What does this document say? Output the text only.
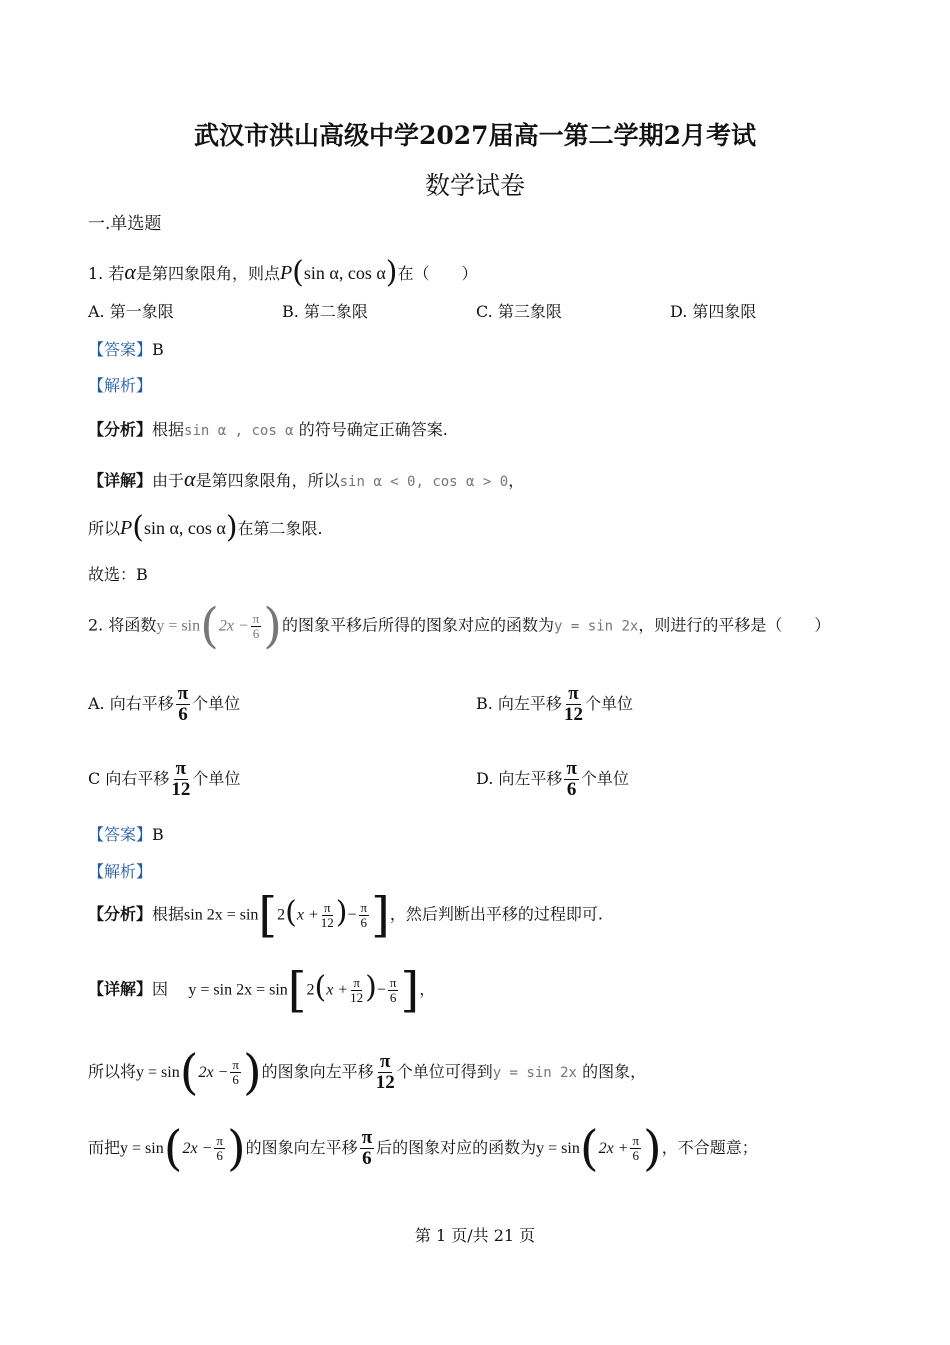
武汉市洪山高级中学2027届高一第二学期2月考试
数学试卷
一.单选题
1. 若α是第四象限角，则点P(sin α, cos α)在（　　）
A. 第一象限	B. 第二象限	C. 第三象限	D. 第四象限
【答案】B
【解析】
【分析】根据sin α , cos α 的符号确定正确答案.
【详解】由于α是第四象限角，所以sin α < 0, cos α > 0，
所以P(sin α, cos α)在第二象限.
故选：B
2. 将函数$y = \sin(2x - \frac{\pi}{6}$ )的图象平移后所得的图象对应的函数为y = sin 2x，则进行的平移是（　　）
A. 向右平移 $\frac{\pi}{6}$ 个单位	B. 向左平移 $\frac{\pi}{12}$ 个单位
C 向右平移 $\frac{\pi}{12}$ 个单位	D. 向左平移 $\frac{\pi}{6}$ 个单位
【答案】B
【解析】
【分析】根据$\sin 2x = \sin[2(x + \frac{\pi}{12}$ )− $\frac{\pi}{6}$ ]，然后判断出平移的过程即可.
【详解】因 $y = \sin 2x = \sin[2(x + \frac{\pi}{12}$ )− $\frac{\pi}{6}$ ]，
所以将$y = \sin(2x - \frac{\pi}{6}$ )的图象向左平移 $\frac{\pi}{12}$ 个单位可得到y = sin 2x 的图象，
而把$y = \sin(2x - \frac{\pi}{6}$ )的图象向左平移 $\frac{\pi}{6}$ 后的图象对应的函数为$y = \sin(2x + \frac{\pi}{6}$ )，不合题意；
第 1 页/共 21 页
